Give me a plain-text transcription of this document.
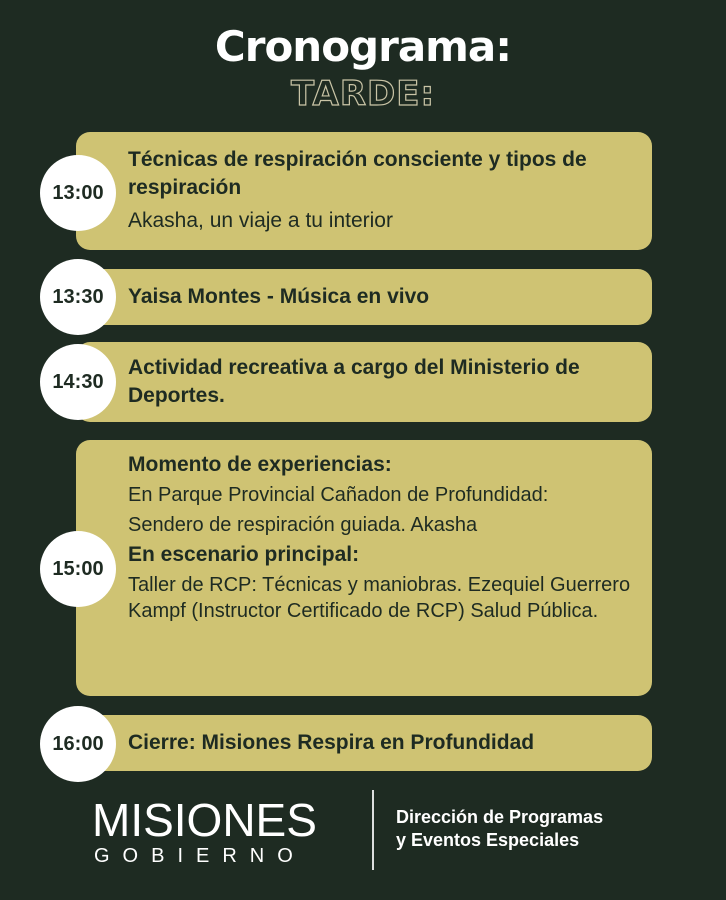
Cronograma:
TARDE:
Técnicas de respiración consciente y tipos de respiración
Akasha, un viaje a tu interior
13:00
Yaisa Montes - Música en vivo
13:30
Actividad recreativa a cargo del Ministerio de Deportes.
14:30
Momento de experiencias:
En Parque Provincial Cañadon de Profundidad:
Sendero de respiración guiada. Akasha
En escenario principal:
Taller de RCP: Técnicas y maniobras. Ezequiel Guerrero Kampf (Instructor Certificado de RCP) Salud Pública.
15:00
Cierre: Misiones Respira en Profundidad
16:00
MISIONES
GOBIERNO
Dirección de Programas
y Eventos Especiales
